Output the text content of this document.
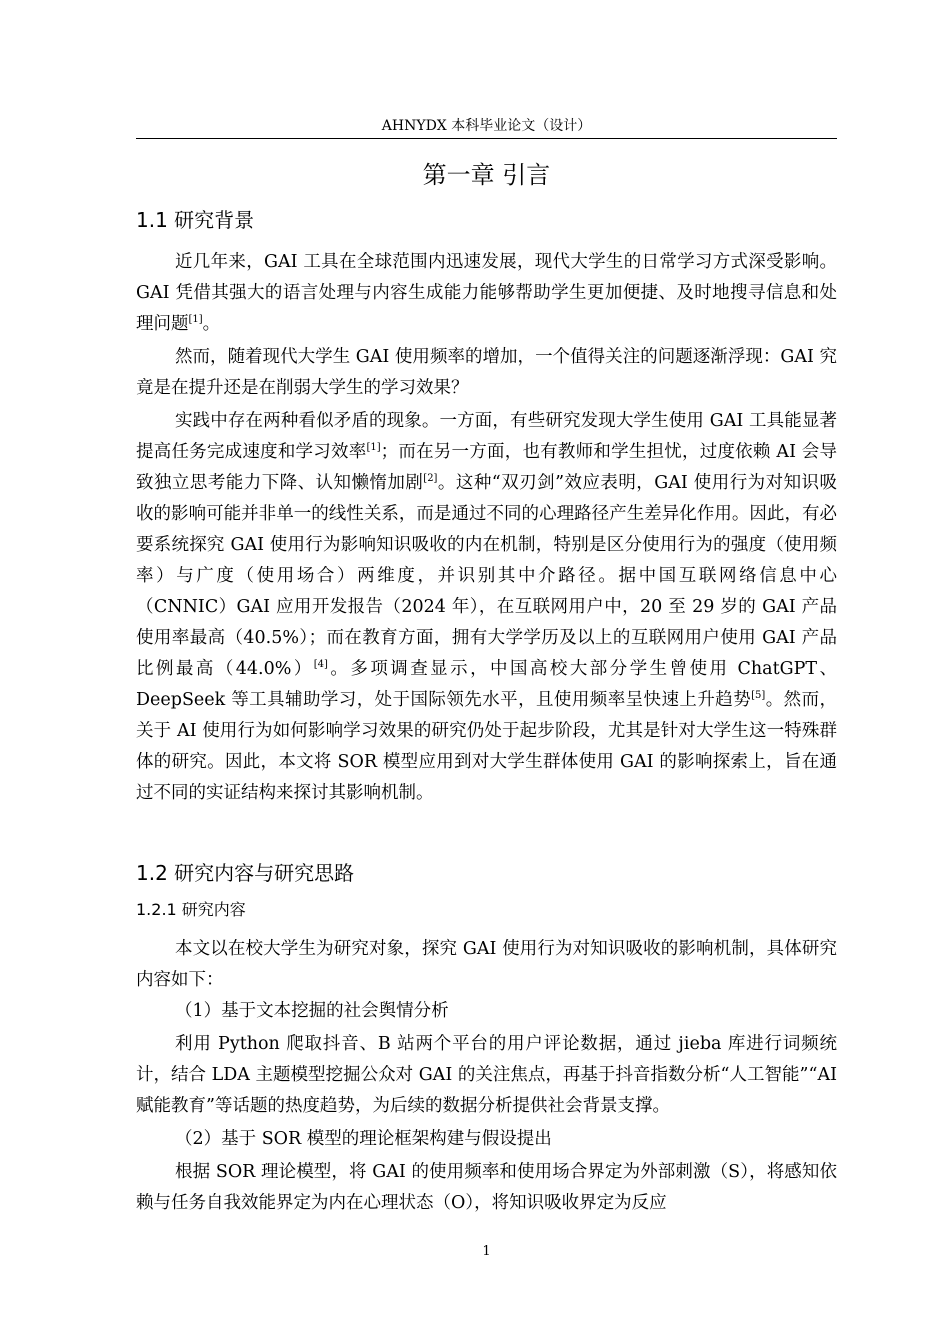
AHNYDX 本科毕业论文（设计）
第一章 引言
1.1 研究背景

近几年来，GAI 工具在全球范围内迅速发展，现代大学生的日常学习方式深受影响。GAI 凭借其强大的语言处理与内容生成能力能够帮助学生更加便捷、及时地搜寻信息和处理问题[1]。

然而，随着现代大学生 GAI 使用频率的增加，一个值得关注的问题逐渐浮现：GAI 究竟是在提升还是在削弱大学生的学习效果？

实践中存在两种看似矛盾的现象。一方面，有些研究发现大学生使用 GAI 工具能显著提高任务完成速度和学习效率[1]；而在另一方面，也有教师和学生担忧，过度依赖 AI 会导致独立思考能力下降、认知懒惰加剧[2]。这种“双刃剑”效应表明，GAI 使用行为对知识吸收的影响可能并非单一的线性关系，而是通过不同的心理路径产生差异化作用。因此，有必要系统探究 GAI 使用行为影响知识吸收的内在机制，特别是区分使用行为的强度（使用频率）与广度（使用场合）两维度，并识别其中介路径。据中国互联网络信息中心（CNNIC）GAI 应用开发报告（2024 年），在互联网用户中，20 至 29 岁的 GAI 产品使用率最高（40.5%）；而在教育方面，拥有大学学历及以上的互联网用户使用 GAI 产品比例最高（44.0%）[4]。多项调查显示，中国高校大部分学生曾使用 ChatGPT、DeepSeek 等工具辅助学习，处于国际领先水平，且使用频率呈快速上升趋势[5]。然而，关于 AI 使用行为如何影响学习效果的研究仍处于起步阶段，尤其是针对大学生这一特殊群体的研究。因此，本文将 SOR 模型应用到对大学生群体使用 GAI 的影响探索上，旨在通过不同的实证结构来探讨其影响机制。

1.2 研究内容与研究思路
1.2.1 研究内容

本文以在校大学生为研究对象，探究 GAI 使用行为对知识吸收的影响机制，具体研究内容如下：

（1）基于文本挖掘的社会舆情分析

利用 Python 爬取抖音、B 站两个平台的用户评论数据，通过 jieba 库进行词频统计，结合 LDA 主题模型挖掘公众对 GAI 的关注焦点，再基于抖音指数分析“人工智能”“AI 赋能教育”等话题的热度趋势，为后续的数据分析提供社会背景支撑。

（2）基于 SOR 模型的理论框架构建与假设提出

根据 SOR 理论模型，将 GAI 的使用频率和使用场合界定为外部刺激（S），将感知依赖与任务自我效能界定为内在心理状态（O），将知识吸收界定为反应

1
